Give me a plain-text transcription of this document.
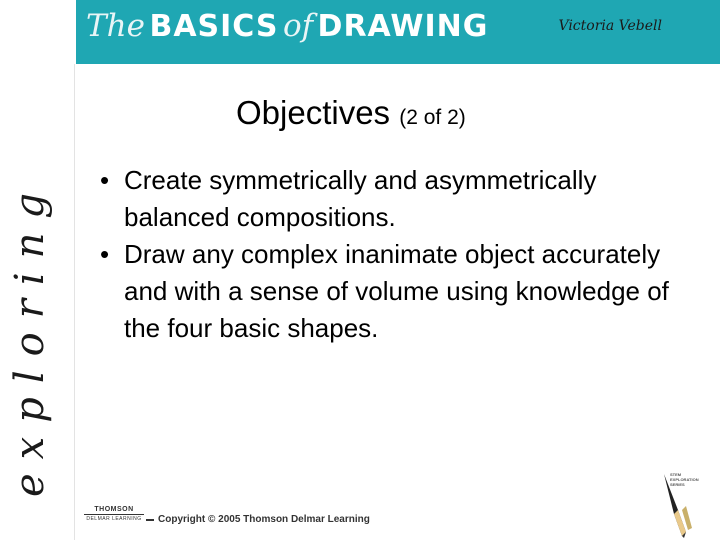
The
BASICS
of
DRAWING	Victoria Vebell
exploring
Objectives (2 of 2)
• Create symmetrically and asymmetrically balanced compositions.
• Draw any complex inanimate object accurately and with a sense of volume using knowledge of the four basic shapes.
THOMSON
DELMAR LEARNING Copyright © 2005 Thomson Delmar Learning
STEM
EXPLORATION
SERIES
